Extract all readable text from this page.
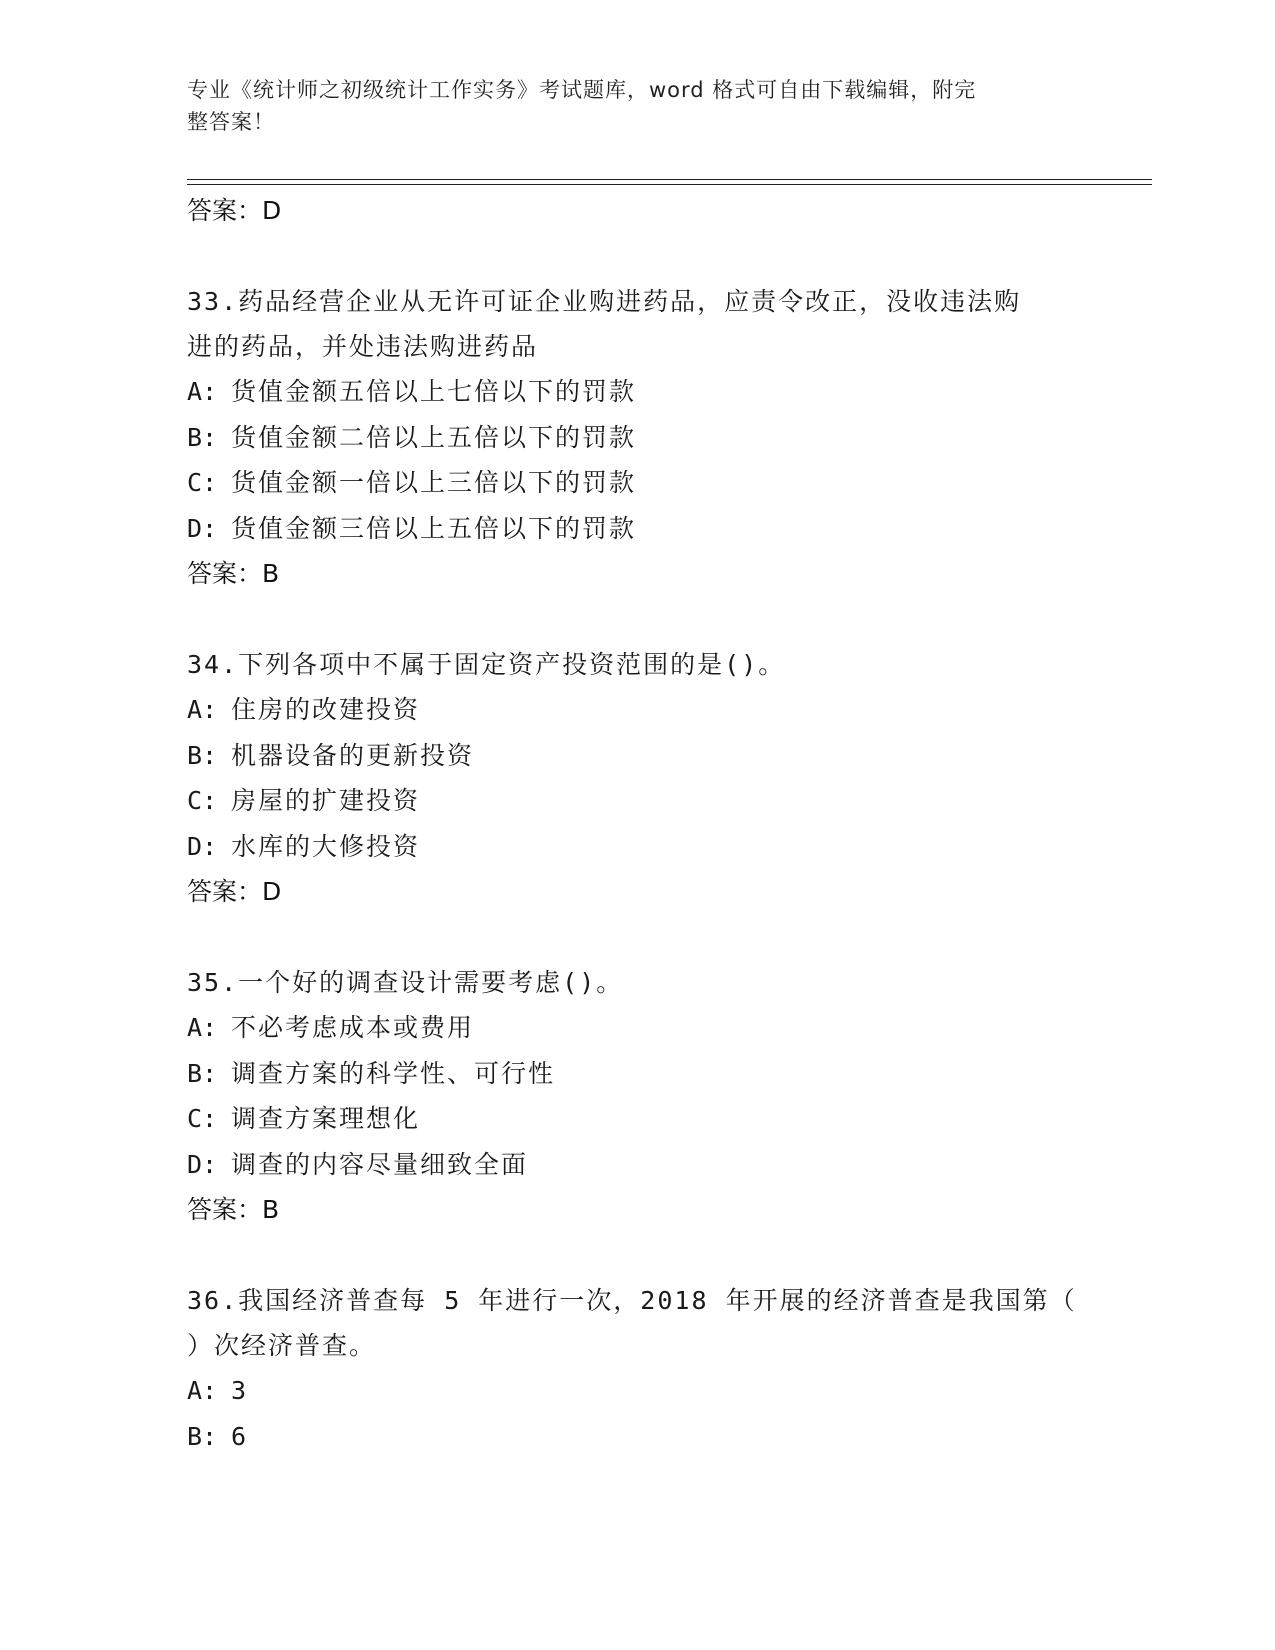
专业《统计师之初级统计工作实务》考试题库，word 格式可自由下载编辑，附完
整答案！
答案：D
33.药品经营企业从无许可证企业购进药品，应责令改正，没收违法购
进的药品，并处违法购进药品
A: 货值金额五倍以上七倍以下的罚款
B: 货值金额二倍以上五倍以下的罚款
C: 货值金额一倍以上三倍以下的罚款
D: 货值金额三倍以上五倍以下的罚款
答案：B
34.下列各项中不属于固定资产投资范围的是()。
A: 住房的改建投资
B: 机器设备的更新投资
C: 房屋的扩建投资
D: 水库的大修投资
答案：D
35.一个好的调查设计需要考虑()。
A: 不必考虑成本或费用
B: 调查方案的科学性、可行性
C: 调查方案理想化
D: 调查的内容尽量细致全面
答案：B
36.我国经济普查每 5 年进行一次，2018 年开展的经济普查是我国第（
）次经济普查。
A: 3
B: 6
